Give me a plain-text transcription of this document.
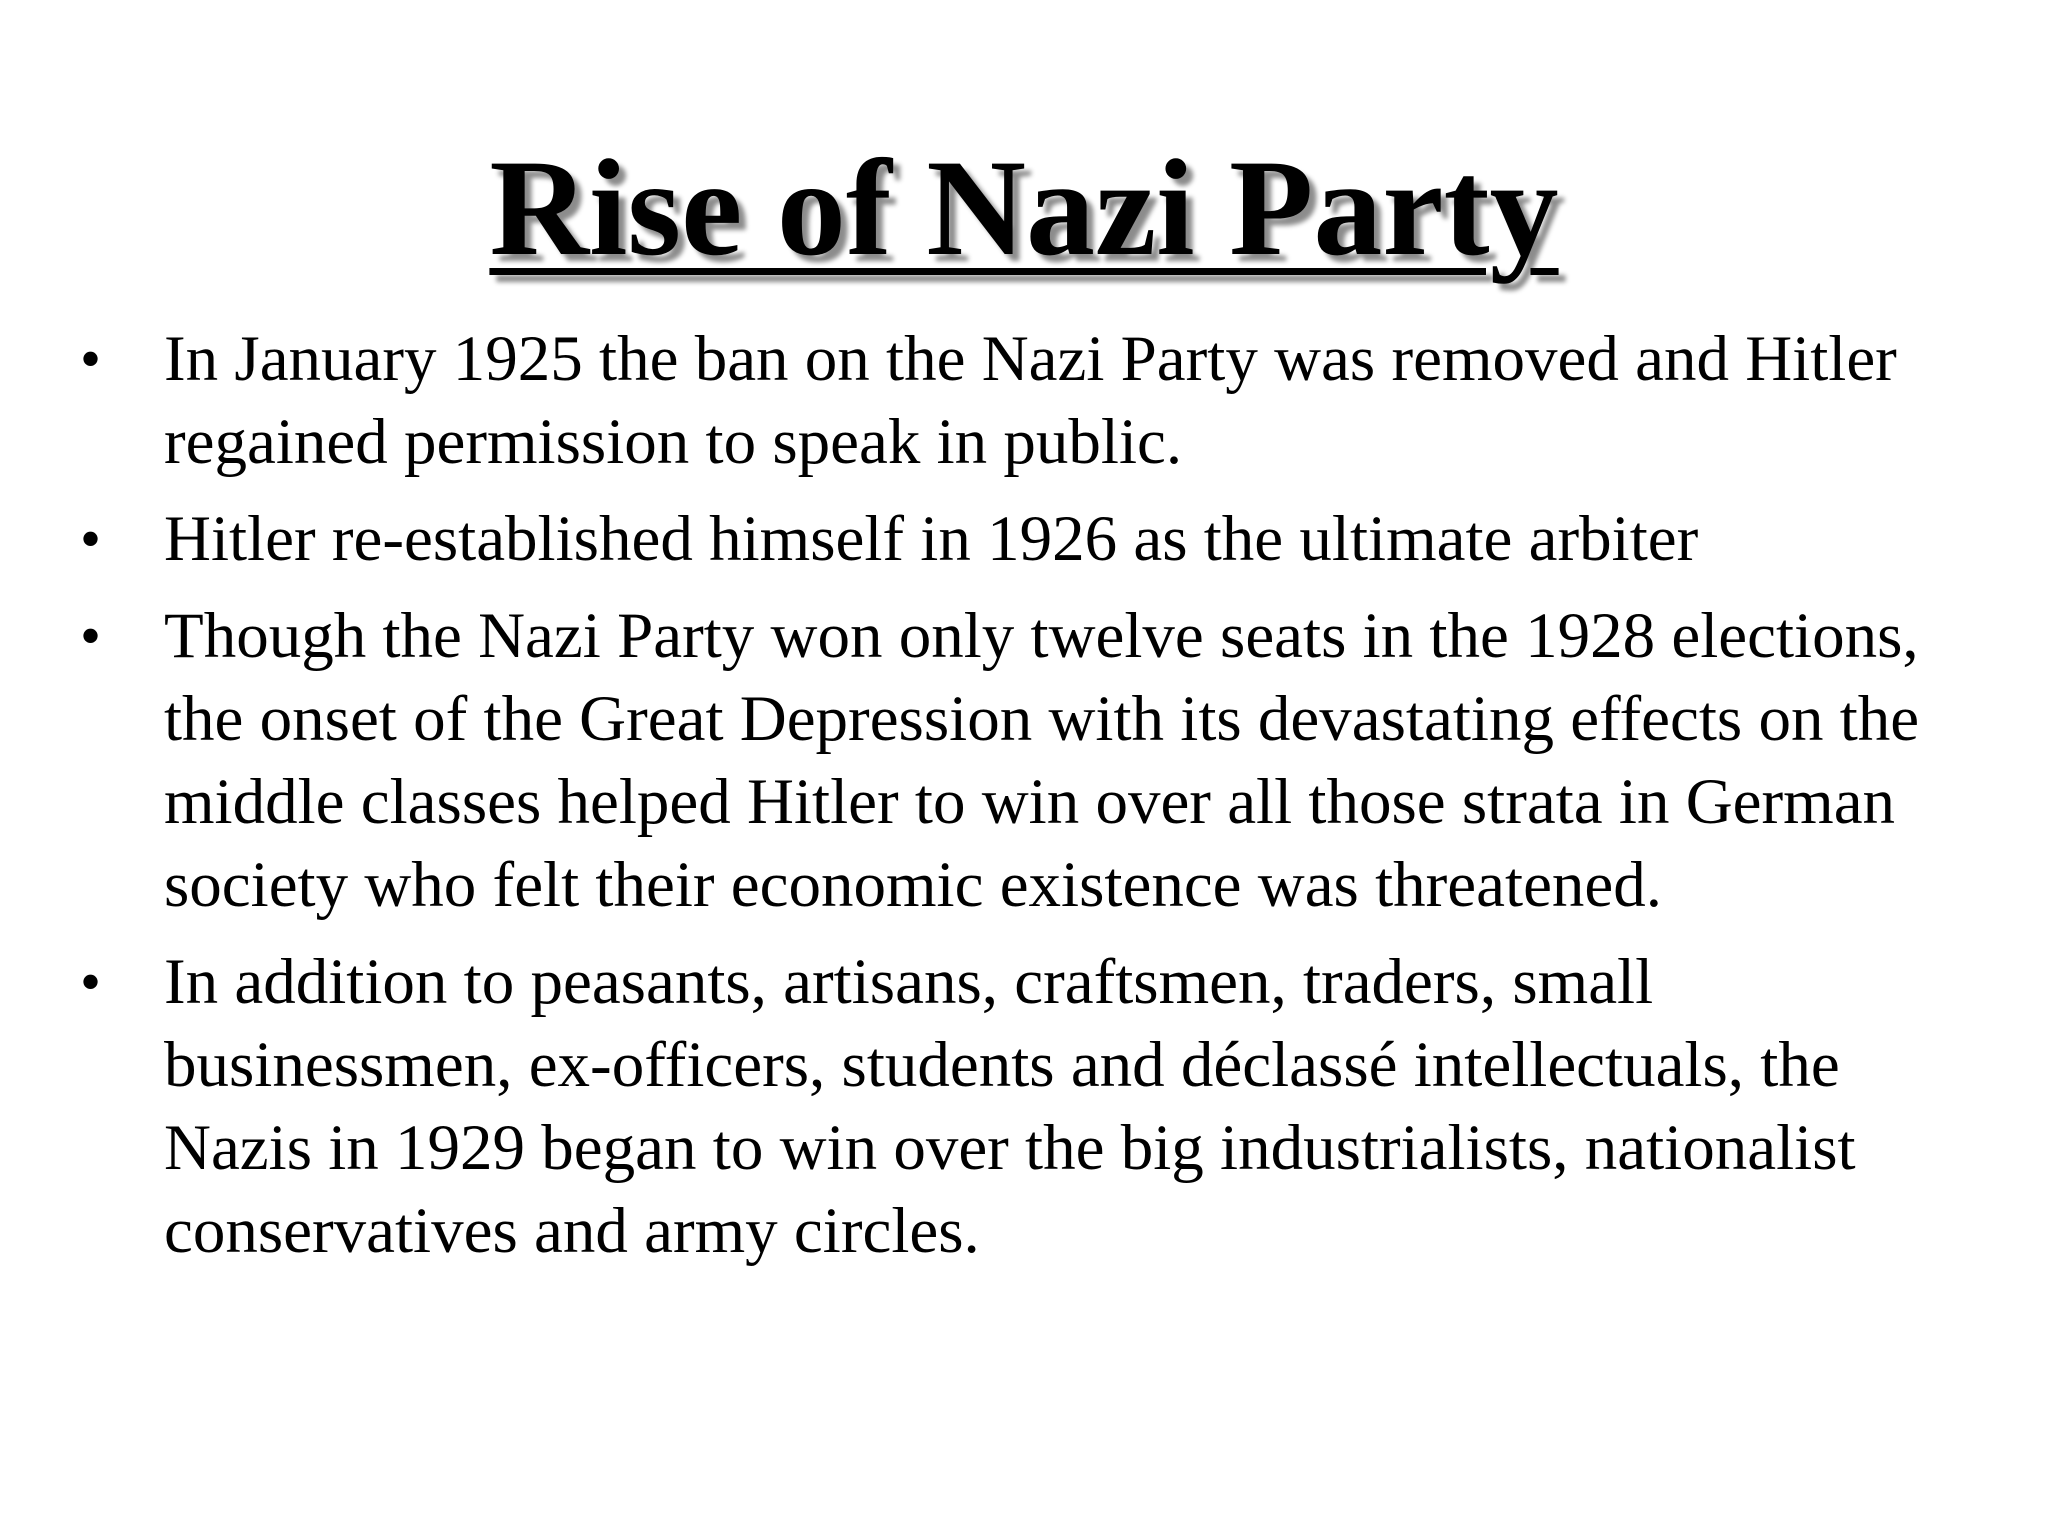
Rise of Nazi Party
• In January 1925 the ban on the Nazi Party was removed and Hitler regained permission to speak in public.
• Hitler re-established himself in 1926 as the ultimate arbiter
• Though the Nazi Party won only twelve seats in the 1928 elections, the onset of the Great Depression with its devastating effects on the middle classes helped Hitler to win over all those strata in German society who felt their economic existence was threatened.
• In addition to peasants, artisans, craftsmen, traders, small businessmen, ex-officers, students and déclassé intellectuals, the Nazis in 1929 began to win over the big industrialists, nationalist conservatives and army circles.
